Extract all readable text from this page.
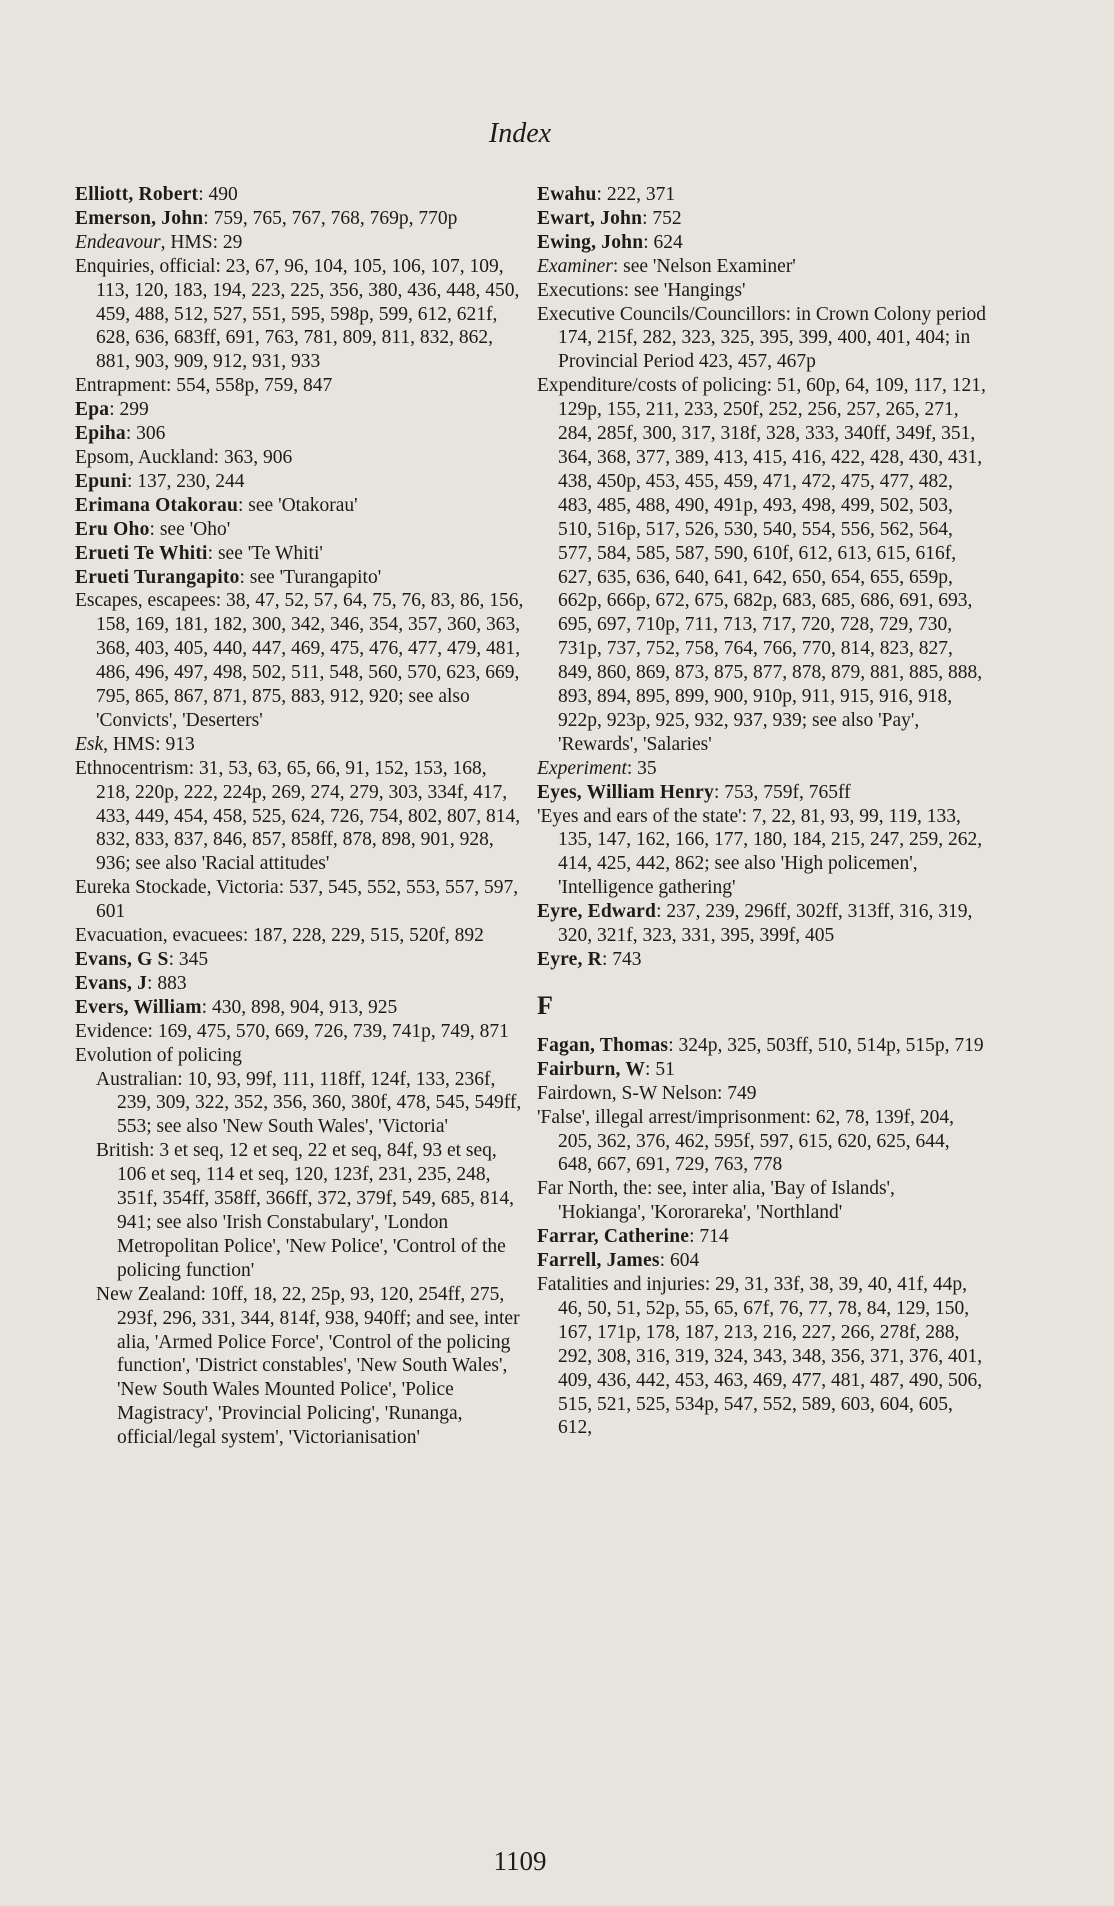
Index
Elliott, Robert: 490
Emerson, John: 759, 765, 767, 768, 769p, 770p
Endeavour, HMS: 29
Enquiries, official: 23, 67, 96, 104, 105, 106, 107, 109, 113, 120, 183, 194, 223, 225, 356, 380, 436, 448, 450, 459, 488, 512, 527, 551, 595, 598p, 599, 612, 621f, 628, 636, 683ff, 691, 763, 781, 809, 811, 832, 862, 881, 903, 909, 912, 931, 933
Entrapment: 554, 558p, 759, 847
Epa: 299
Epiha: 306
Epsom, Auckland: 363, 906
Epuni: 137, 230, 244
Erimana Otakorau: see 'Otakorau'
Eru Oho: see 'Oho'
Erueti Te Whiti: see 'Te Whiti'
Erueti Turangapito: see 'Turangapito'
Escapes, escapees: 38, 47, 52, 57, 64, 75, 76, 83, 86, 156, 158, 169, 181, 182, 300, 342, 346, 354, 357, 360, 363, 368, 403, 405, 440, 447, 469, 475, 476, 477, 479, 481, 486, 496, 497, 498, 502, 511, 548, 560, 570, 623, 669, 795, 865, 867, 871, 875, 883, 912, 920; see also 'Convicts', 'Deserters'
Esk, HMS: 913
Ethnocentrism: 31, 53, 63, 65, 66, 91, 152, 153, 168, 218, 220p, 222, 224p, 269, 274, 279, 303, 334f, 417, 433, 449, 454, 458, 525, 624, 726, 754, 802, 807, 814, 832, 833, 837, 846, 857, 858ff, 878, 898, 901, 928, 936; see also 'Racial attitudes'
Eureka Stockade, Victoria: 537, 545, 552, 553, 557, 597, 601
Evacuation, evacuees: 187, 228, 229, 515, 520f, 892
Evans, G S: 345
Evans, J: 883
Evers, William: 430, 898, 904, 913, 925
Evidence: 169, 475, 570, 669, 726, 739, 741p, 749, 871
Evolution of policing
Australian: 10, 93, 99f, 111, 118ff, 124f, 133, 236f, 239, 309, 322, 352, 356, 360, 380f, 478, 545, 549ff, 553; see also 'New South Wales', 'Victoria'
British: 3 et seq, 12 et seq, 22 et seq, 84f, 93 et seq, 106 et seq, 114 et seq, 120, 123f, 231, 235, 248, 351f, 354ff, 358ff, 366ff, 372, 379f, 549, 685, 814, 941; see also 'Irish Constabulary', 'London Metropolitan Police', 'New Police', 'Control of the policing function'
New Zealand: 10ff, 18, 22, 25p, 93, 120, 254ff, 275, 293f, 296, 331, 344, 814f, 938, 940ff; and see, inter alia, 'Armed Police Force', 'Control of the policing function', 'District constables', 'New South Wales', 'New South Wales Mounted Police', 'Police Magistracy', 'Provincial Policing', 'Runanga, official/legal system', 'Victorianisation'
Ewahu: 222, 371
Ewart, John: 752
Ewing, John: 624
Examiner: see 'Nelson Examiner'
Executions: see 'Hangings'
Executive Councils/Councillors: in Crown Colony period 174, 215f, 282, 323, 325, 395, 399, 400, 401, 404; in Provincial Period 423, 457, 467p
Expenditure/costs of policing: 51, 60p, 64, 109, 117, 121, 129p, 155, 211, 233, 250f, 252, 256, 257, 265, 271, 284, 285f, 300, 317, 318f, 328, 333, 340ff, 349f, 351, 364, 368, 377, 389, 413, 415, 416, 422, 428, 430, 431, 438, 450p, 453, 455, 459, 471, 472, 475, 477, 482, 483, 485, 488, 490, 491p, 493, 498, 499, 502, 503, 510, 516p, 517, 526, 530, 540, 554, 556, 562, 564, 577, 584, 585, 587, 590, 610f, 612, 613, 615, 616f, 627, 635, 636, 640, 641, 642, 650, 654, 655, 659p, 662p, 666p, 672, 675, 682p, 683, 685, 686, 691, 693, 695, 697, 710p, 711, 713, 717, 720, 728, 729, 730, 731p, 737, 752, 758, 764, 766, 770, 814, 823, 827, 849, 860, 869, 873, 875, 877, 878, 879, 881, 885, 888, 893, 894, 895, 899, 900, 910p, 911, 915, 916, 918, 922p, 923p, 925, 932, 937, 939; see also 'Pay', 'Rewards', 'Salaries'
Experiment: 35
Eyes, William Henry: 753, 759f, 765ff
'Eyes and ears of the state': 7, 22, 81, 93, 99, 119, 133, 135, 147, 162, 166, 177, 180, 184, 215, 247, 259, 262, 414, 425, 442, 862; see also 'High policemen', 'Intelligence gathering'
Eyre, Edward: 237, 239, 296ff, 302ff, 313ff, 316, 319, 320, 321f, 323, 331, 395, 399f, 405
Eyre, R: 743
F
Fagan, Thomas: 324p, 325, 503ff, 510, 514p, 515p, 719
Fairburn, W: 51
Fairdown, S-W Nelson: 749
'False', illegal arrest/imprisonment: 62, 78, 139f, 204, 205, 362, 376, 462, 595f, 597, 615, 620, 625, 644, 648, 667, 691, 729, 763, 778
Far North, the: see, inter alia, 'Bay of Islands', 'Hokianga', 'Kororareka', 'Northland'
Farrar, Catherine: 714
Farrell, James: 604
Fatalities and injuries: 29, 31, 33f, 38, 39, 40, 41f, 44p, 46, 50, 51, 52p, 55, 65, 67f, 76, 77, 78, 84, 129, 150, 167, 171p, 178, 187, 213, 216, 227, 266, 278f, 288, 292, 308, 316, 319, 324, 343, 348, 356, 371, 376, 401, 409, 436, 442, 453, 463, 469, 477, 481, 487, 490, 506, 515, 521, 525, 534p, 547, 552, 589, 603, 604, 605, 612,
1109
